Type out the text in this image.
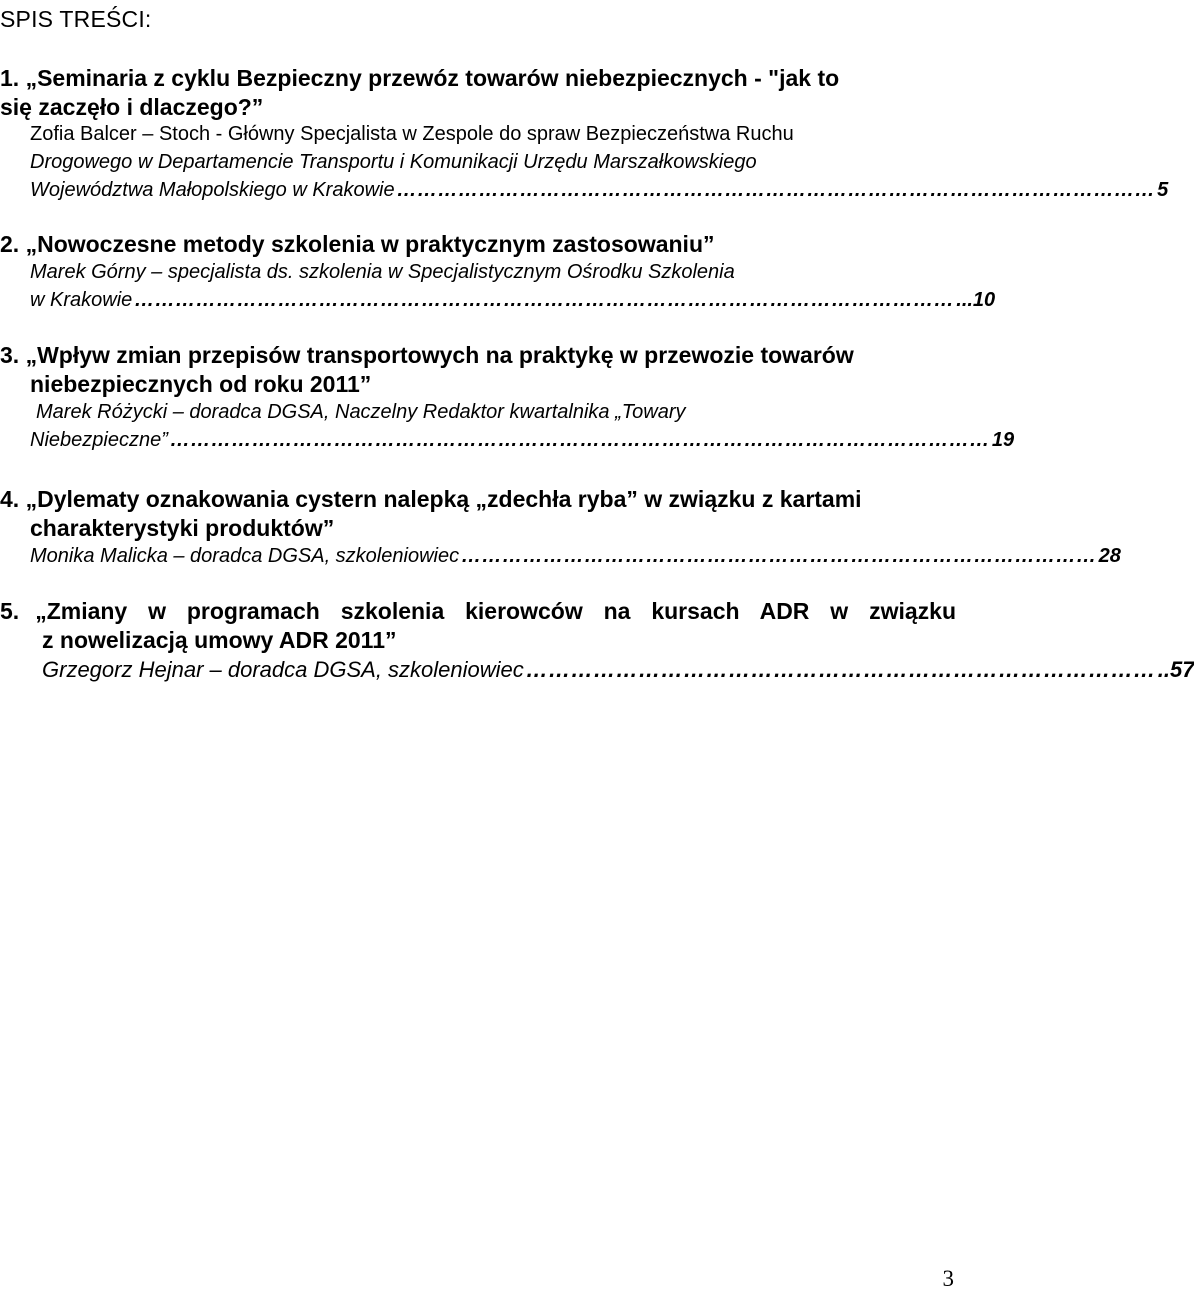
SPIS TREŚCI:
1. „Seminaria z cyklu Bezpieczny przewóz towarów niebezpiecznych - "jak to
się zaczęło i dlaczego?”
Zofia Balcer – Stoch - Główny Specjalista w Zespole do spraw Bezpieczeństwa Ruchu
Drogowego w Departamencie Transportu i Komunikacji Urzędu Marszałkowskiego
Województwa Małopolskiego w Krakowie ………………………………………………………………………………………………… 5
2. „Nowoczesne metody szkolenia w praktycznym zastosowaniu”
Marek Górny – specjalista ds. szkolenia w Specjalistycznym Ośrodku Szkolenia
w Krakowie ………………………………………………………………………………………………………… ...10
3. „Wpływ zmian przepisów transportowych na praktykę w przewozie towarów
niebezpiecznych od roku 2011”
Marek Różycki – doradca DGSA, Naczelny Redaktor kwartalnika „Towary
Niebezpieczne” ………………………………………………………………………………………………………… 19
4. „Dylematy oznakowania cystern nalepką „zdechła ryba” w związku z kartami
charakterystyki produktów”
Monika Malicka – doradca DGSA, szkoleniowiec ………………………………………………………………………………… 28
5. „Zmiany w programach szkolenia kierowców na kursach ADR w związku
z nowelizacją umowy ADR 2011”
Grzegorz Hejnar – doradca DGSA, szkoleniowiec ………………………………………………………………………… ..57
3
